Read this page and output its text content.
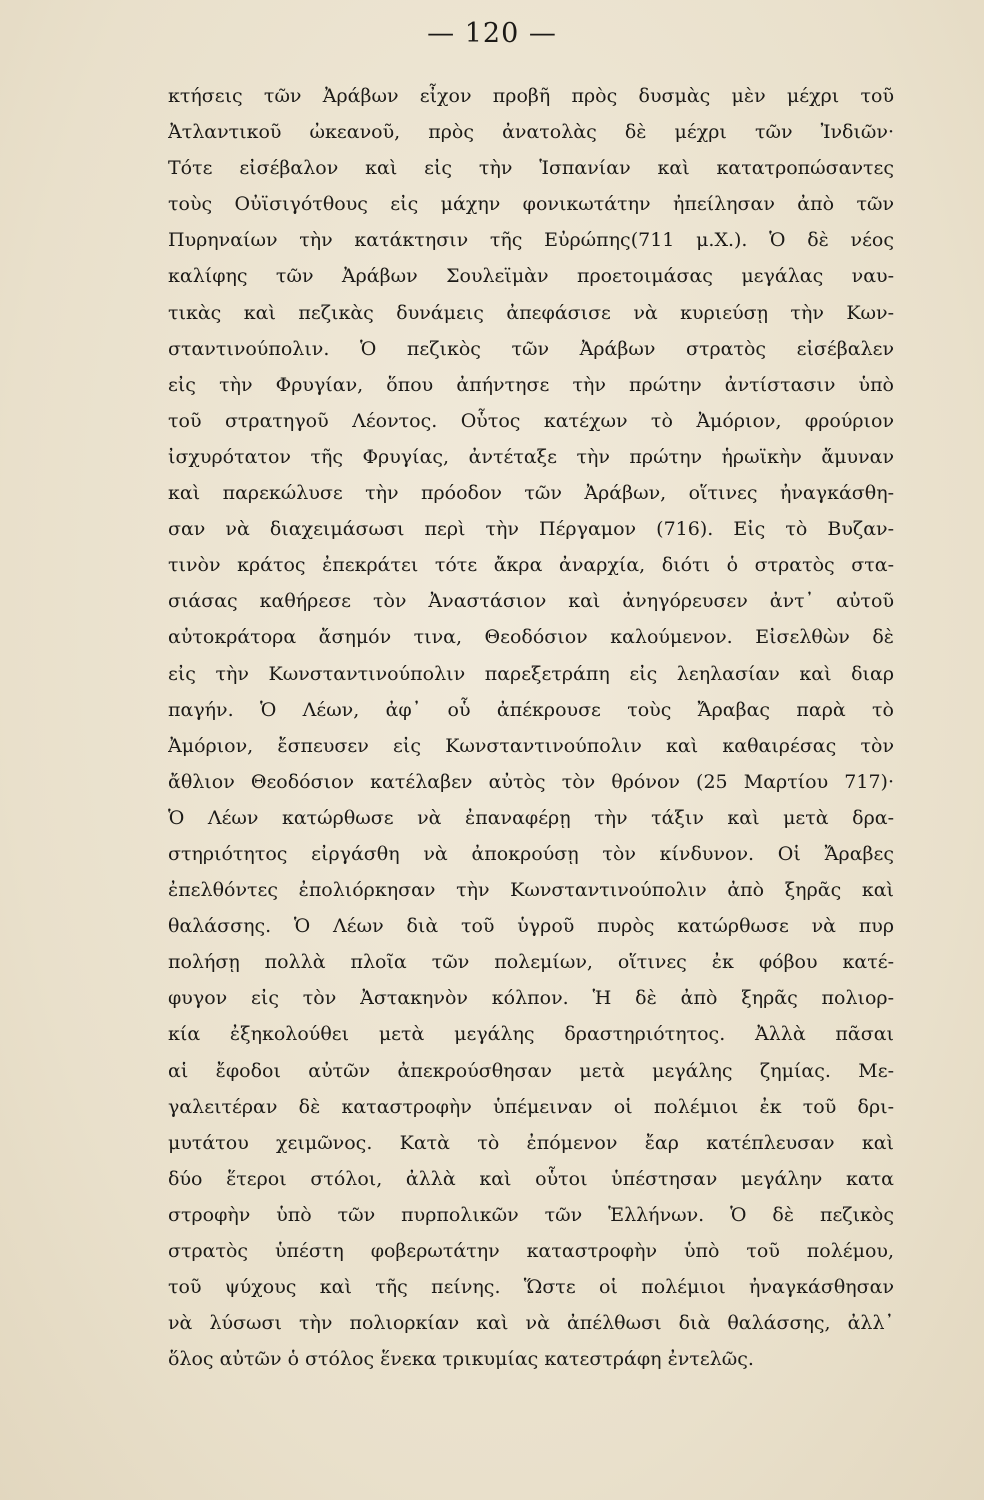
— 120 —
κτήσεις τῶν Ἀράβων εἶχον προβῆ πρὸς δυσμὰς μὲν μέχρι τοῦ
Ἀτλαντικοῦ ὠκεανοῦ, πρὸς ἀνατολὰς δὲ μέχρι τῶν Ἰνδιῶν·
Τότε εἰσέβαλον καὶ εἰς τὴν Ἱσπανίαν καὶ κατατροπώσαντες
τοὺς Οὐϊσιγότθους εἰς μάχην φονικωτάτην ἠπείλησαν ἀπὸ τῶν
Πυρηναίων τὴν κατάκτησιν τῆς Εὐρώπης(711 μ.Χ.). Ὁ δὲ νέος
καλίφης τῶν Ἀράβων Σουλεϊμὰν προετοιμάσας μεγάλας ναυ-
τικὰς καὶ πεζικὰς δυνάμεις ἀπεφάσισε νὰ κυριεύσῃ τὴν Κων-
σταντινούπολιν. Ὁ πεζικὸς τῶν Ἀράβων στρατὸς εἰσέβαλεν
εἰς τὴν Φρυγίαν, ὅπου ἀπήντησε τὴν πρώτην ἀντίστασιν ὑπὸ
τοῦ στρατηγοῦ Λέοντος. Οὗτος κατέχων τὸ Ἀμόριον, φρούριον
ἰσχυρότατον τῆς Φρυγίας, ἀντέταξε τὴν πρώτην ἡρωϊκὴν ἄμυναν
καὶ παρεκώλυσε τὴν πρόοδον τῶν Ἀράβων, οἵτινες ἠναγκάσθη-
σαν νὰ διαχειμάσωσι περὶ τὴν Πέργαμον (716). Εἰς τὸ Βυζαν-
τινὸν κράτος ἐπεκράτει τότε ἄκρα ἀναρχία, διότι ὁ στρατὸς στα-
σιάσας καθήρεσε τὸν Ἀναστάσιον καὶ ἀνηγόρευσεν ἀντ᾿ αὐτοῦ
αὐτοκράτορα ἄσημόν τινα, Θεοδόσιον καλούμενον. Εἰσελθὼν δὲ
εἰς τὴν Κωνσταντινούπολιν παρεξετράπη εἰς λεηλασίαν καὶ διαρ
παγήν. Ὁ Λέων, ἀφ᾿ οὗ ἀπέκρουσε τοὺς Ἄραβας παρὰ τὸ
Ἀμόριον, ἔσπευσεν εἰς Κωνσταντινούπολιν καὶ καθαιρέσας τὸν
ἄθλιον Θεοδόσιον κατέλαβεν αὐτὸς τὸν θρόνον (25 Μαρτίου 717)·
Ὁ Λέων κατώρθωσε νὰ ἐπαναφέρῃ τὴν τάξιν καὶ μετὰ δρα-
στηριότητος εἰργάσθη νὰ ἀποκρούσῃ τὸν κίνδυνον. Οἱ Ἄραβες
ἐπελθόντες ἐπολιόρκησαν τὴν Κωνσταντινούπολιν ἀπὸ ξηρᾶς καὶ
θαλάσσης. Ὁ Λέων διὰ τοῦ ὑγροῦ πυρὸς κατώρθωσε νὰ πυρ
πολήσῃ πολλὰ πλοῖα τῶν πολεμίων, οἵτινες ἐκ φόβου κατέ-
φυγον εἰς τὸν Ἀστακηνὸν κόλπον. Ἡ δὲ ἀπὸ ξηρᾶς πολιορ-
κία ἐξηκολούθει μετὰ μεγάλης δραστηριότητος. Ἀλλὰ πᾶσαι
αἱ ἔφοδοι αὐτῶν ἀπεκρούσθησαν μετὰ μεγάλης ζημίας. Με-
γαλειτέραν δὲ καταστροφὴν ὑπέμειναν οἱ πολέμιοι ἐκ τοῦ δρι-
μυτάτου χειμῶνος. Κατὰ τὸ ἐπόμενον ἔαρ κατέπλευσαν καὶ
δύο ἕτεροι στόλοι, ἀλλὰ καὶ οὗτοι ὑπέστησαν μεγάλην κατα
στροφὴν ὑπὸ τῶν πυρπολικῶν τῶν Ἑλλήνων. Ὁ δὲ πεζικὸς
στρατὸς ὑπέστη φοβερωτάτην καταστροφὴν ὑπὸ τοῦ πολέμου,
τοῦ ψύχους καὶ τῆς πείνης. Ὥστε οἱ πολέμιοι ἠναγκάσθησαν
νὰ λύσωσι τὴν πολιορκίαν καὶ νὰ ἀπέλθωσι διὰ θαλάσσης, ἀλλ᾿
ὅλος αὐτῶν ὁ στόλος ἕνεκα τρικυμίας κατεστράφη ἐντελῶς.
